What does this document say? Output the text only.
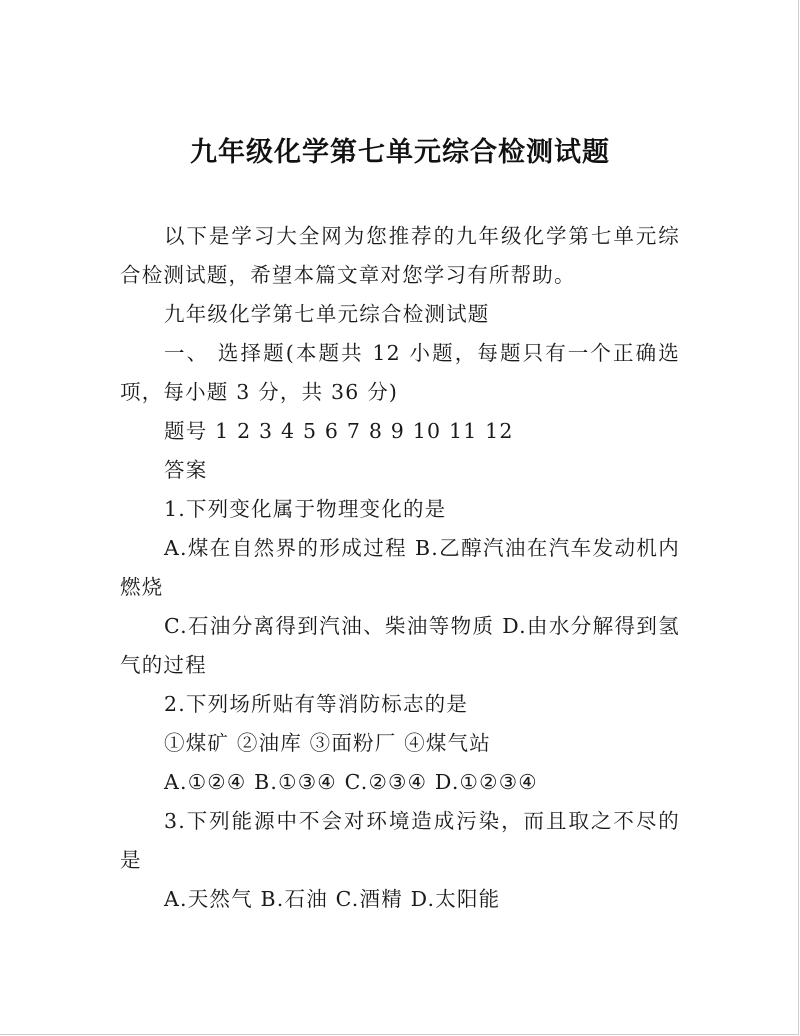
九年级化学第七单元综合检测试题

以下是学习大全网为您推荐的九年级化学第七单元综合检测试题，希望本篇文章对您学习有所帮助。

九年级化学第七单元综合检测试题

一、 选择题(本题共 12 小题，每题只有一个正确选项，每小题 3 分，共 36 分)

题号 1 2 3 4 5 6 7 8 9 10 11 12

答案

1.下列变化属于物理变化的是

A.煤在自然界的形成过程 B.乙醇汽油在汽车发动机内燃烧

C.石油分离得到汽油、柴油等物质 D.由水分解得到氢气的过程

2.下列场所贴有等消防标志的是

①煤矿 ②油库 ③面粉厂 ④煤气站

A.①②④ B.①③④ C.②③④ D.①②③④

3.下列能源中不会对环境造成污染，而且取之不尽的是

A.天然气 B.石油 C.酒精 D.太阳能
